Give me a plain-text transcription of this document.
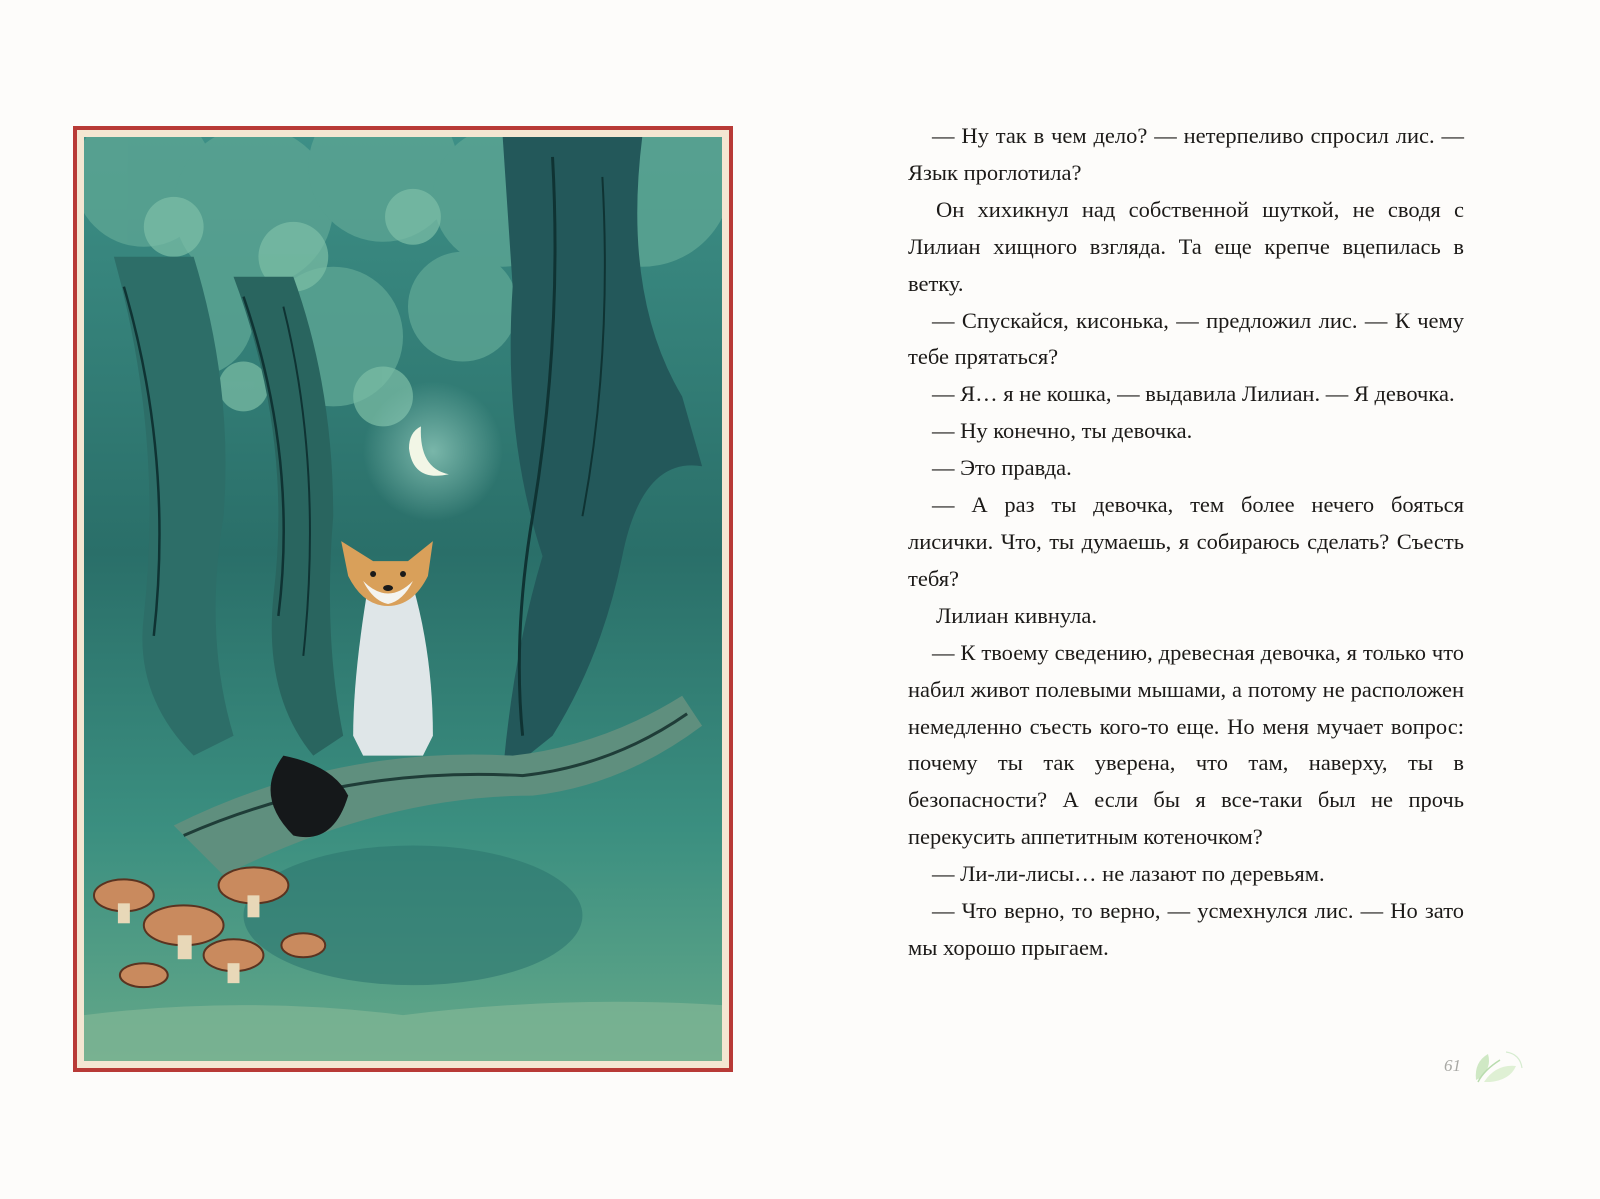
— Ну так в чем дело? — нетерпеливо спросил лис. — Язык проглотила?

Он хихикнул над собственной шуткой, не сводя с Лилиан хищного взгляда. Та еще крепче вцепилась в ветку.

— Спускайся, кисонька, — предложил лис. — К чему тебе прятаться?

— Я… я не кошка, — выдавила Лилиан. — Я девочка.

— Ну конечно, ты девочка.

— Это правда.

— А раз ты девочка, тем более нечего бояться лисички. Что, ты думаешь, я собираюсь сделать? Съесть тебя?

Лилиан кивнула.

— К твоему сведению, древесная девочка, я только что набил живот полевыми мышами, а потому не расположен немедленно съесть кого-то еще. Но меня мучает вопрос: почему ты так уверена, что там, наверху, ты в безопасности? А если бы я все-таки был не прочь перекусить аппетитным котеночком?

— Ли-ли-лисы… не лазают по деревьям.

— Что верно, то верно, — усмехнулся лис. — Но зато мы хорошо прыгаем.

61
